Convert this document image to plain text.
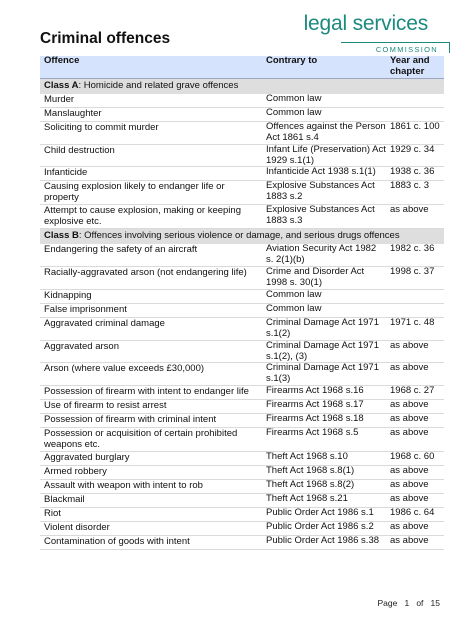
Criminal offences
legal services
COMMISSION
Offence	Contrary to	Year and chapter
Class A: Homicide and related grave offences		
Murder	Common law	
Manslaughter	Common law	
Soliciting to commit murder	Offences against the Person Act 1861 s.4	1861 c. 100
Child destruction	Infant Life (Preservation) Act 1929 s.1(1)	1929 c. 34
Infanticide	Infanticide Act 1938 s.1(1)	1938 c. 36
Causing explosion likely to endanger life or property	Explosive Substances Act 1883 s.2	1883 c. 3
Attempt to cause explosion, making or keeping explosive etc.	Explosive Substances Act 1883 s.3	as above
Class B: Offences involving serious violence or damage, and serious drugs offences		
Endangering the safety of an aircraft	Aviation Security Act 1982 s. 2(1)(b)	1982 c. 36
Racially-aggravated arson (not endangering life)	Crime and Disorder Act 1998 s. 30(1)	1998 c. 37
Kidnapping	Common law	
False imprisonment	Common law	
Aggravated criminal damage	Criminal Damage Act 1971 s.1(2)	1971 c. 48
Aggravated arson	Criminal Damage Act 1971 s.1(2), (3)	as above
Arson (where value exceeds £30,000)	Criminal Damage Act 1971 s.1(3)	as above
Possession of firearm with intent to endanger life	Firearms Act 1968 s.16	1968 c. 27
Use of firearm to resist arrest	Firearms Act 1968 s.17	as above
Possession of firearm with criminal intent	Firearms Act 1968 s.18	as above
Possession or acquisition of certain prohibited weapons etc.	Firearms Act 1968 s.5	as above
Aggravated burglary	Theft Act 1968 s.10	1968 c. 60
Armed robbery	Theft Act 1968 s.8(1)	as above
Assault with weapon with intent to rob	Theft Act 1968 s.8(2)	as above
Blackmail	Theft Act 1968 s.21	as above
Riot	Public Order Act 1986 s.1	1986 c. 64
Violent disorder	Public Order Act 1986 s.2	as above
Contamination of goods with intent	Public Order Act 1986 s.38	as above
Page 1 of 15
